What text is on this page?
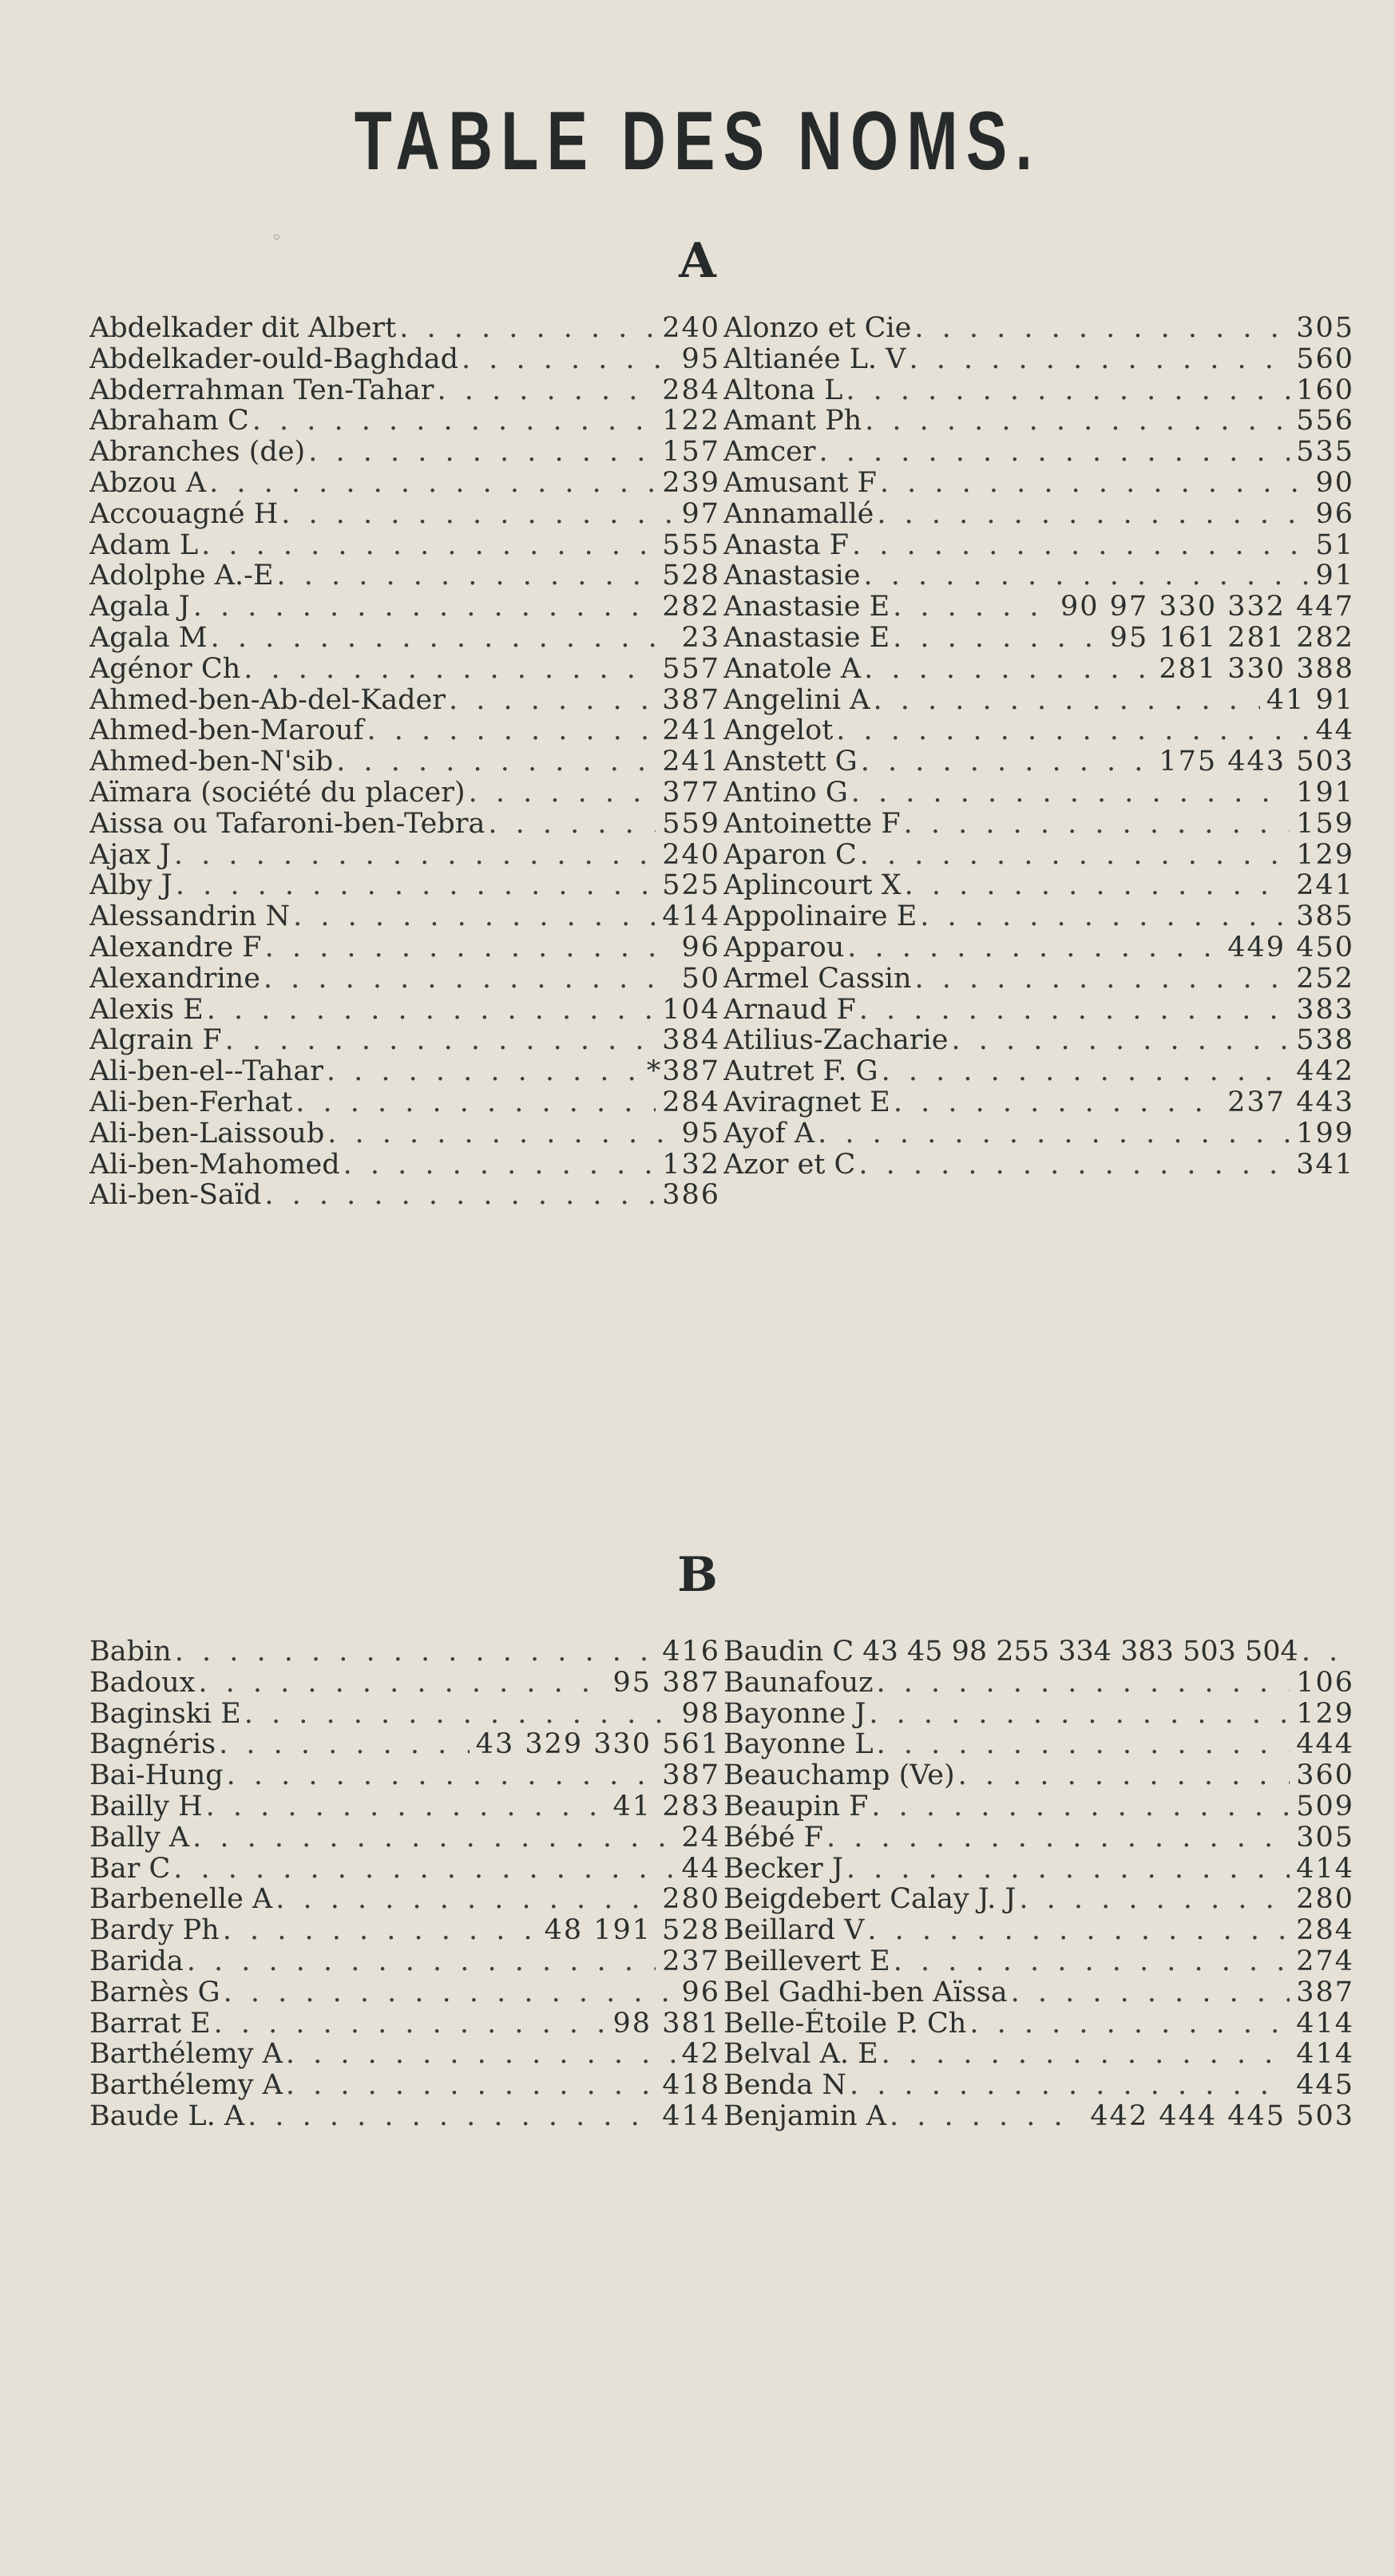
TABLE DES NOMS.
◦	A
Abdelkader dit Albert . . .	240
Abdelkader-ould-Baghdad . . .	95
Abderrahman Ten-Tahar . . .	284
Abraham C . . .	122
Abranches (de) . . .	157
Abzou A . . .	239
Accouagné H . . .	97
Adam L . . .	555
Adolphe A.-E . . .	528
Agala J . . .	282
Agala M . . .	23
Agénor Ch . . .	557
Ahmed-ben-Ab-del-Kader . . .	387
Ahmed-ben-Marouf . . .	241
Ahmed-ben-N'sib . . .	241
Aïmara (société du placer) . . .	377
Aissa ou Tafaroni-ben-Tebra . . .	559
Ajax J . . .	240
Alby J . . .	525
Alessandrin N . . .	414
Alexandre F . . .	96
Alexandrine . . .	50
Alexis E . . .	104
Algrain F . . .	384
Ali-ben-el--Tahar . . .	*387
Ali-ben-Ferhat . . .	284
Ali-ben-Laissoub . . .	95
Ali-ben-Mahomed . . .	132
Ali-ben-Saïd . . .	386
Alonzo et Cie . . .	305
Altianée L. V . . .	560
Altona L . . .	160
Amant Ph . . .	556
Amcer . . .	535
Amusant F . . .	90
Annamallé . . .	96
Anasta F . . .	51
Anastasie . . .	91
Anastasie E . . .	90 97 330 332 447
Anastasie E . . .	95 161 281 282
Anatole A . . .	281 330 388
Angelini A . . .	41 91
Angelot . . .	44
Anstett G . . .	175 443 503
Antino G . . .	191
Antoinette F . . .	159
Aparon C . . .	129
Aplincourt X . . .	241
Appolinaire E . . .	385
Apparou . . .	449 450
Armel Cassin . . .	252
Arnaud F . . .	383
Atilius-Zacharie . . .	538
Autret F. G . . .	442
Aviragnet E . . .	237 443
Ayof A . . .	199
Azor et C . . .	341
B
Babin . . .	416
Badoux . . .	95 387
Baginski E . . .	98
Bagnéris . . .	43 329 330 561
Bai-Hung . . .	387
Bailly H . . .	41 283
Bally A . . .	24
Bar C . . .	44
Barbenelle A . . .	280
Bardy Ph . . .	48 191 528
Barida . . .	237
Barnès G . . .	96
Barrat E . . .	98 381
Barthélemy A . . .	42
Barthélemy A . . .	418
Baude L. A . . .	414
Baudin C 43 45 98 255 334 383 503 504
. . .
Baunafouz . . .	106
Bayonne J . . .	129
Bayonne L . . .	444
Beauchamp (Ve) . . .	360
Beaupin F . . .	509
Bébé F . . .	305
Becker J . . .	414
Beigdebert Calay J. J . . .	280
Beillard V . . .	284
Beillevert E . . .	274
Bel Gadhi-ben Aïssa . . .	387
Belle-Étoile P. Ch . . .	414
Belval A. E . . .	414
Benda N . . .	445
Benjamin A . . .	442 444 445 503
